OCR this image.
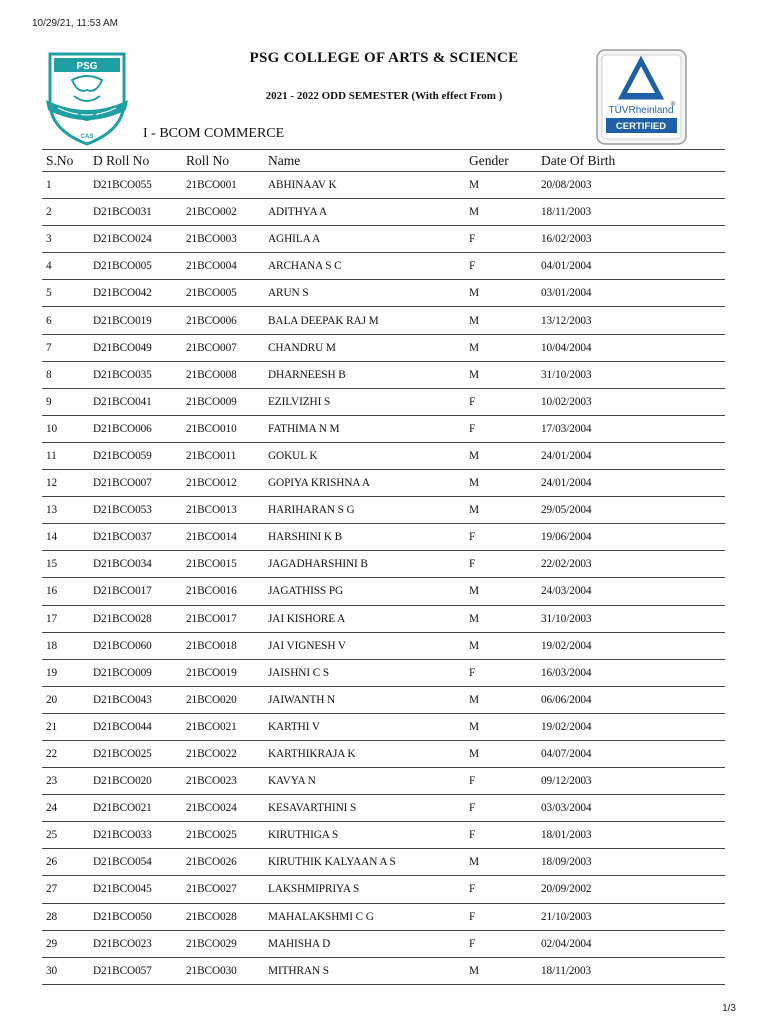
10/29/21, 11:53 AM
PSG
CAS
PSG COLLEGE OF ARTS & SCIENCE
2021 - 2022 ODD SEMESTER (With effect From )
®
TÜVRheinland
CERTIFIED
I - BCOM COMMERCE
S.No	D Roll No	Roll No	Name	Gender	Date Of Birth	
1	D21BCO055	21BCO001	ABHINAAV K	M	20/08/2003	
2	D21BCO031	21BCO002	ADITHYA A	M	18/11/2003	
3	D21BCO024	21BCO003	AGHILA A	F	16/02/2003	
4	D21BCO005	21BCO004	ARCHANA S C	F	04/01/2004	
5	D21BCO042	21BCO005	ARUN S	M	03/01/2004	
6	D21BCO019	21BCO006	BALA DEEPAK RAJ M	M	13/12/2003	
7	D21BCO049	21BCO007	CHANDRU M	M	10/04/2004	
8	D21BCO035	21BCO008	DHARNEESH B	M	31/10/2003	
9	D21BCO041	21BCO009	EZILVIZHI S	F	10/02/2003	
10	D21BCO006	21BCO010	FATHIMA N M	F	17/03/2004	
11	D21BCO059	21BCO011	GOKUL K	M	24/01/2004	
12	D21BCO007	21BCO012	GOPIYA KRISHNA A	M	24/01/2004	
13	D21BCO053	21BCO013	HARIHARAN S G	M	29/05/2004	
14	D21BCO037	21BCO014	HARSHINI K B	F	19/06/2004	
15	D21BCO034	21BCO015	JAGADHARSHINI B	F	22/02/2003	
16	D21BCO017	21BCO016	JAGATHISS PG	M	24/03/2004	
17	D21BCO028	21BCO017	JAI KISHORE A	M	31/10/2003	
18	D21BCO060	21BCO018	JAI VIGNESH V	M	19/02/2004	
19	D21BCO009	21BCO019	JAISHNI C S	F	16/03/2004	
20	D21BCO043	21BCO020	JAIWANTH N	M	06/06/2004	
21	D21BCO044	21BCO021	KARTHI V	M	19/02/2004	
22	D21BCO025	21BCO022	KARTHIKRAJA K	M	04/07/2004	
23	D21BCO020	21BCO023	KAVYA N	F	09/12/2003	
24	D21BCO021	21BCO024	KESAVARTHINI S	F	03/03/2004	
25	D21BCO033	21BCO025	KIRUTHIGA S	F	18/01/2003	
26	D21BCO054	21BCO026	KIRUTHIK KALYAAN A S	M	18/09/2003	
27	D21BCO045	21BCO027	LAKSHMIPRIYA S	F	20/09/2002	
28	D21BCO050	21BCO028	MAHALAKSHMI C G	F	21/10/2003	
29	D21BCO023	21BCO029	MAHISHA D	F	02/04/2004	
30	D21BCO057	21BCO030	MITHRAN S	M	18/11/2003	
1/3
